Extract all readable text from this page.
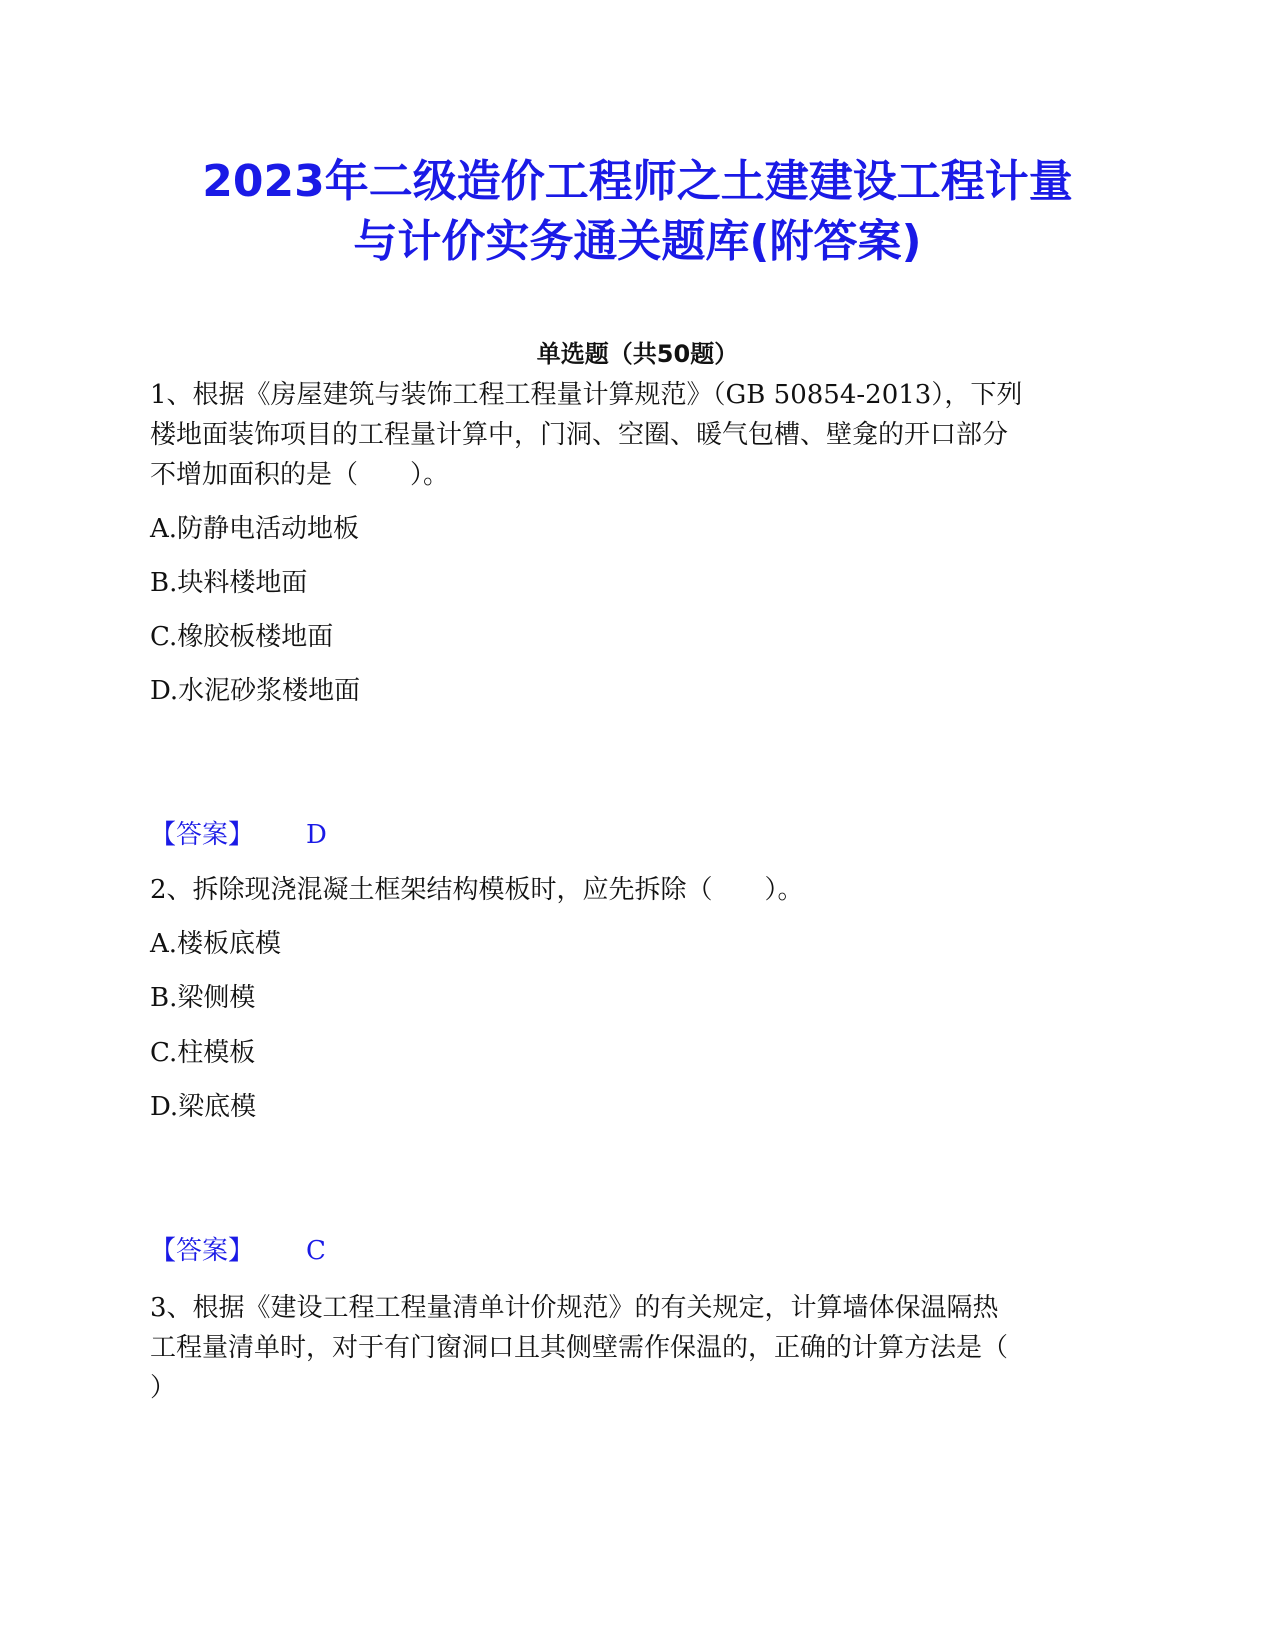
2023年二级造价工程师之土建建设工程计量
与计价实务通关题库(附答案)
单选题（共50题）
1、根据《房屋建筑与装饰工程工程量计算规范》（GB 50854-2013），下列
楼地面装饰项目的工程量计算中，门洞、空圈、暖气包槽、壁龛的开口部分
不增加面积的是（　　）。
A.防静电活动地板
B.块料楼地面
C.橡胶板楼地面
D.水泥砂浆楼地面
【答案】 D
2、拆除现浇混凝土框架结构模板时，应先拆除（　　）。
A.楼板底模
B.梁侧模
C.柱模板
D.梁底模
【答案】 C
3、根据《建设工程工程量清单计价规范》的有关规定，计算墙体保温隔热
工程量清单时，对于有门窗洞口且其侧壁需作保温的，正确的计算方法是（
）
